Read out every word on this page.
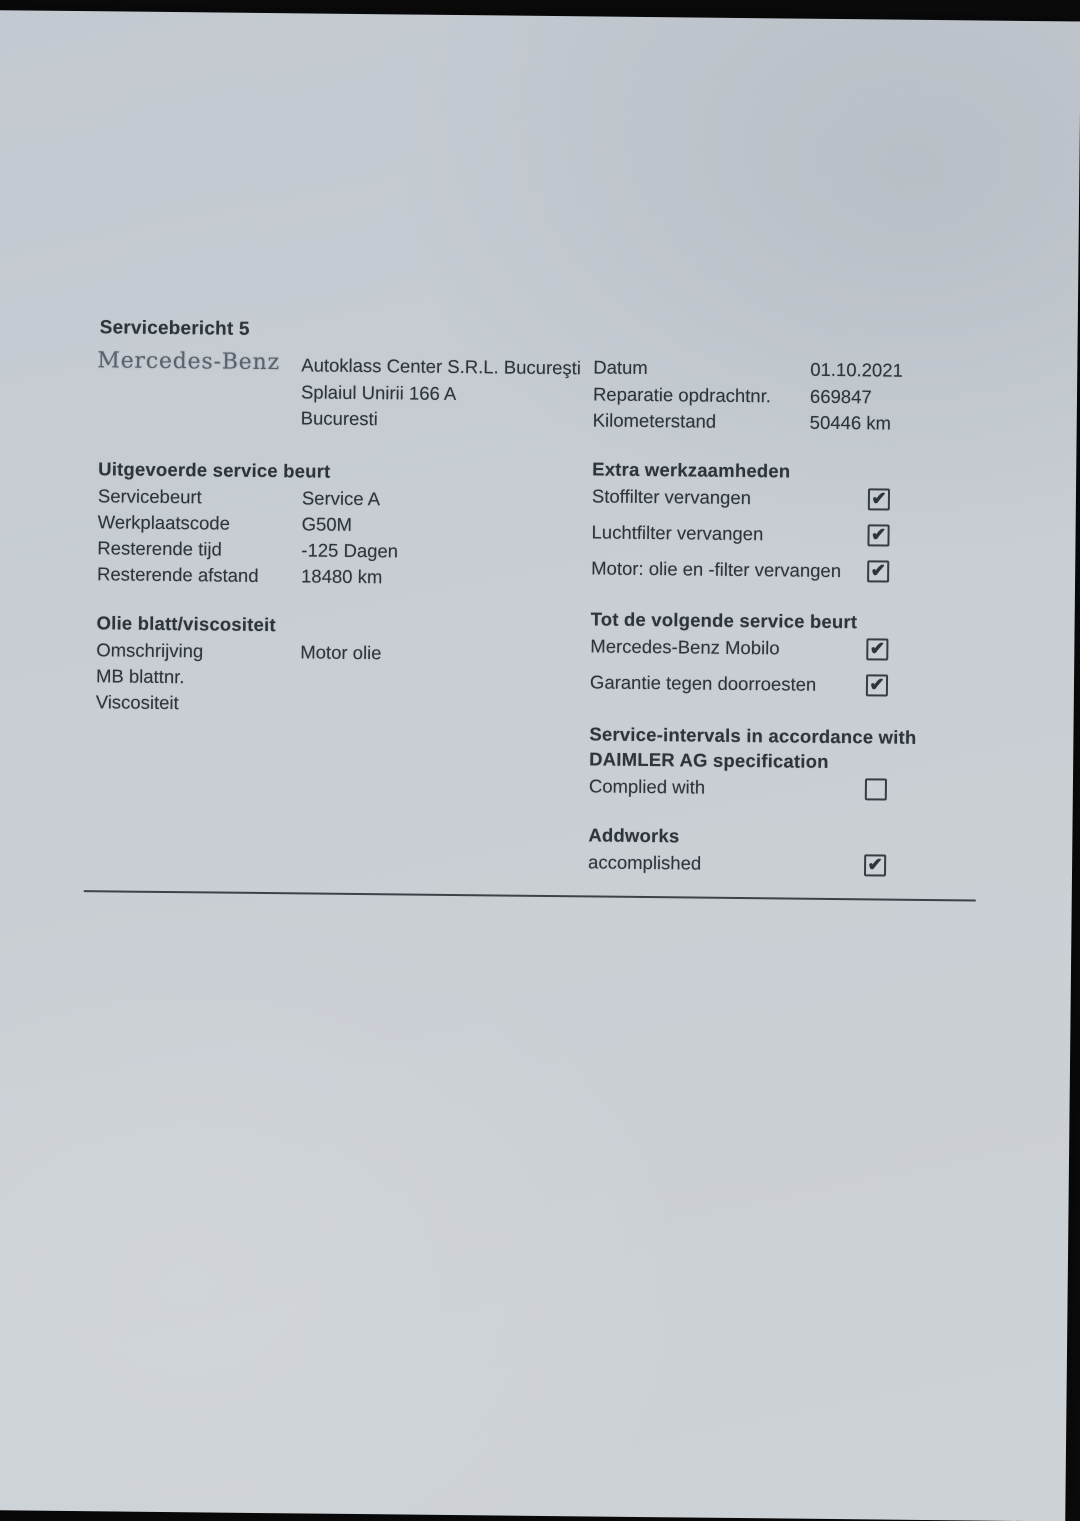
Servicebericht 5
Mercedes-Benz Autoklass Center S.R.L. Bucureşti
Splaiul Unirii 166 A
Bucuresti
Datum	01.10.2021
Reparatie opdrachtnr.	669847
Kilometerstand	50446 km
Uitgevoerde service beurt
Servicebeurt	Service A
Werkplaatscode	G50M
Resterende tijd	-125 Dagen
Resterende afstand	18480 km
Olie blatt/viscositeit
Omschrijving	Motor olie
MB blattnr.
Viscositeit
Extra werkzaamheden
Stoffilter vervangen	✔
Luchtfilter vervangen	✔
Motor: olie en -filter vervangen ✔
Tot de volgende service beurt
Mercedes-Benz Mobilo	✔
Garantie tegen doorroesten	✔
Service-intervals in accordance with
DAIMLER AG specification
Complied with
Addworks
accomplished	✔
